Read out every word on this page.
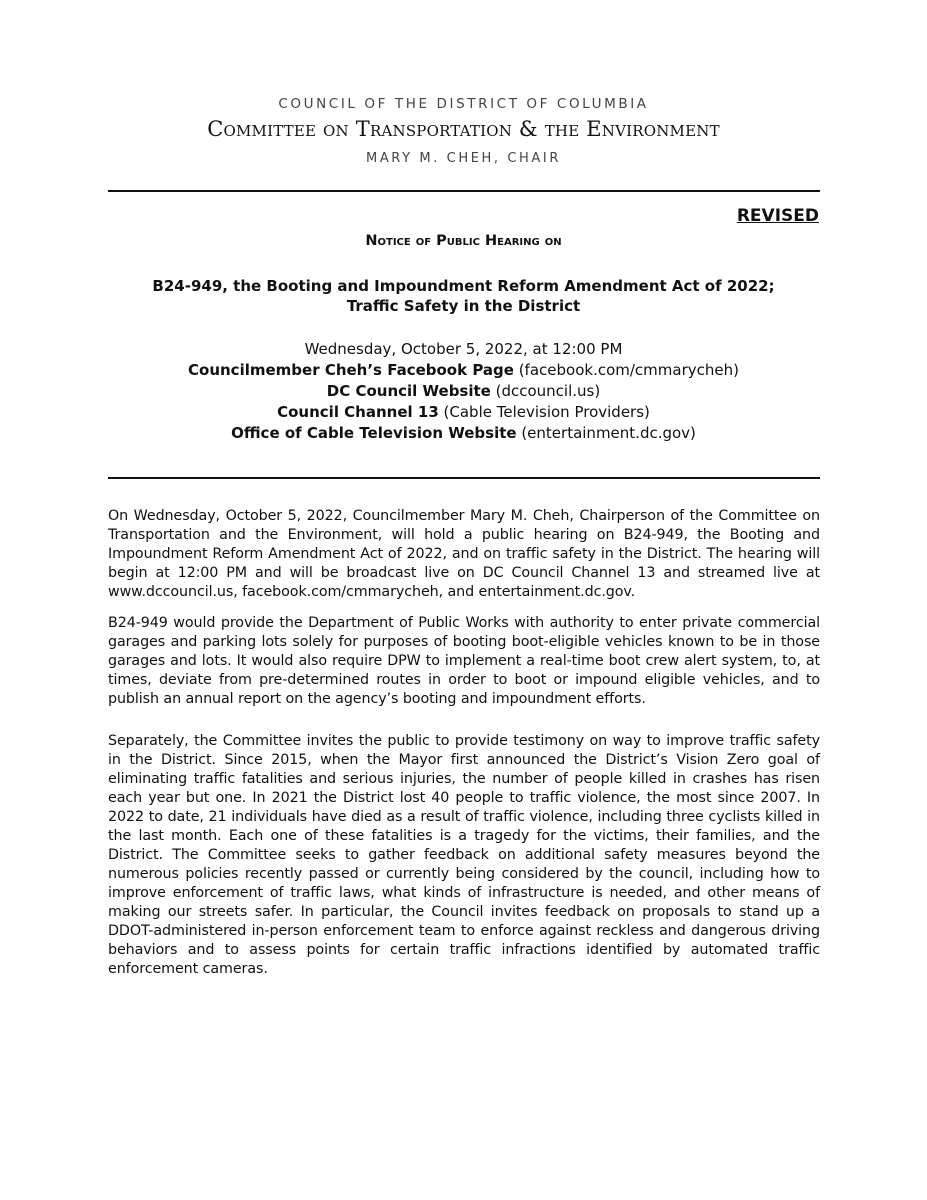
COUNCIL OF THE DISTRICT OF COLUMBIA
Committee on Transportation & the Environment
MARY M. CHEH, CHAIR
REVISED
Notice of Public Hearing on
B24-949, the Booting and Impoundment Reform Amendment Act of 2022;
Traffic Safety in the District
Wednesday, October 5, 2022, at 12:00 PM
Councilmember Cheh’s Facebook Page (facebook.com/cmmarycheh)
DC Council Website (dccouncil.us)
Council Channel 13 (Cable Television Providers)
Office of Cable Television Website (entertainment.dc.gov)

On Wednesday, October 5, 2022, Councilmember Mary M. Cheh, Chairperson of the Committee on Transportation and the Environment, will hold a public hearing on B24-949, the Booting and Impoundment Reform Amendment Act of 2022, and on traffic safety in the District. The hearing will begin at 12:00 PM and will be broadcast live on DC Council Channel 13 and streamed live at www.dccouncil.us, facebook.com/cmmarycheh, and entertainment.dc.gov.

B24-949 would provide the Department of Public Works with authority to enter private commercial garages and parking lots solely for purposes of booting boot-eligible vehicles known to be in those garages and lots. It would also require DPW to implement a real-time boot crew alert system, to, at times, deviate from pre-determined routes in order to boot or impound eligible vehicles, and to publish an annual report on the agency’s booting and impoundment efforts.

Separately, the Committee invites the public to provide testimony on way to improve traffic safety in the District. Since 2015, when the Mayor first announced the District’s Vision Zero goal of eliminating traffic fatalities and serious injuries, the number of people killed in crashes has risen each year but one. In 2021 the District lost 40 people to traffic violence, the most since 2007. In 2022 to date, 21 individuals have died as a result of traffic violence, including three cyclists killed in the last month. Each one of these fatalities is a tragedy for the victims, their families, and the District. The Committee seeks to gather feedback on additional safety measures beyond the numerous policies recently passed or currently being considered by the council, including how to improve enforcement of traffic laws, what kinds of infrastructure is needed, and other means of making our streets safer. In particular, the Council invites feedback on proposals to stand up a DDOT-administered in-person enforcement team to enforce against reckless and dangerous driving behaviors and to assess points for certain traffic infractions identified by automated traffic enforcement cameras.
